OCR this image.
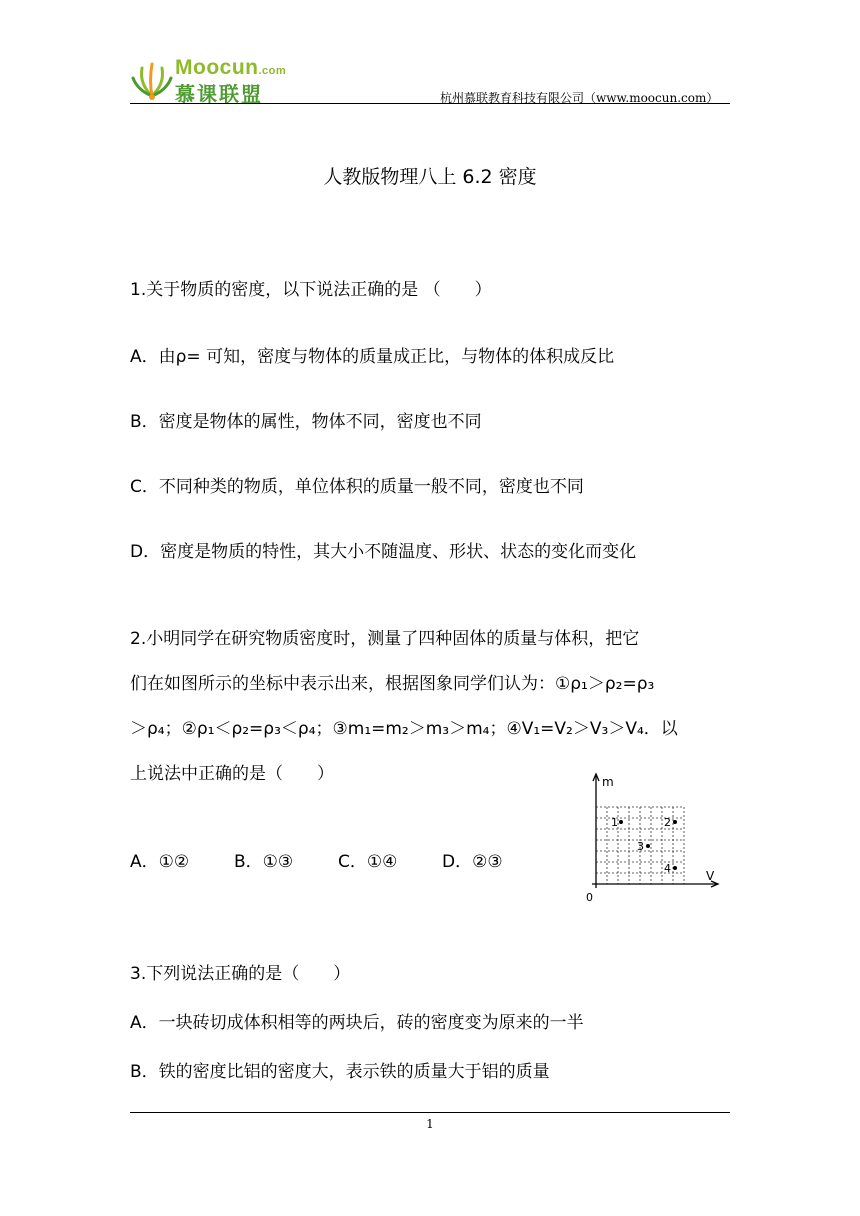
Moocun.com
慕课联盟	杭州慕联教育科技有限公司（www.moocun.com）
人教版物理八上 6.2 密度
1.关于物质的密度，以下说法正确的是 （　　）
A．由ρ= 可知，密度与物体的质量成正比，与物体的体积成反比
B．密度是物体的属性，物体不同，密度也不同
C．不同种类的物质，单位体积的质量一般不同，密度也不同
D．密度是物质的特性，其大小不随温度、形状、状态的变化而变化
2.小明同学在研究物质密度时，测量了四种固体的质量与体积，把它
们在如图所示的坐标中表示出来，根据图象同学们认为：①ρ₁＞ρ₂=ρ₃
＞ρ₄；②ρ₁＜ρ₂=ρ₃＜ρ₄；③m₁=m₂＞m₃＞m₄；④V₁=V₂＞V₃＞V₄．以
上说法中正确的是（　　）
A．①②	B．①③	C．①④	D．②③
m
V
0
1	2
3
4
3.下列说法正确的是（　　）
A．一块砖切成体积相等的两块后，砖的密度变为原来的一半
B．铁的密度比铝的密度大，表示铁的质量大于铝的质量
1
